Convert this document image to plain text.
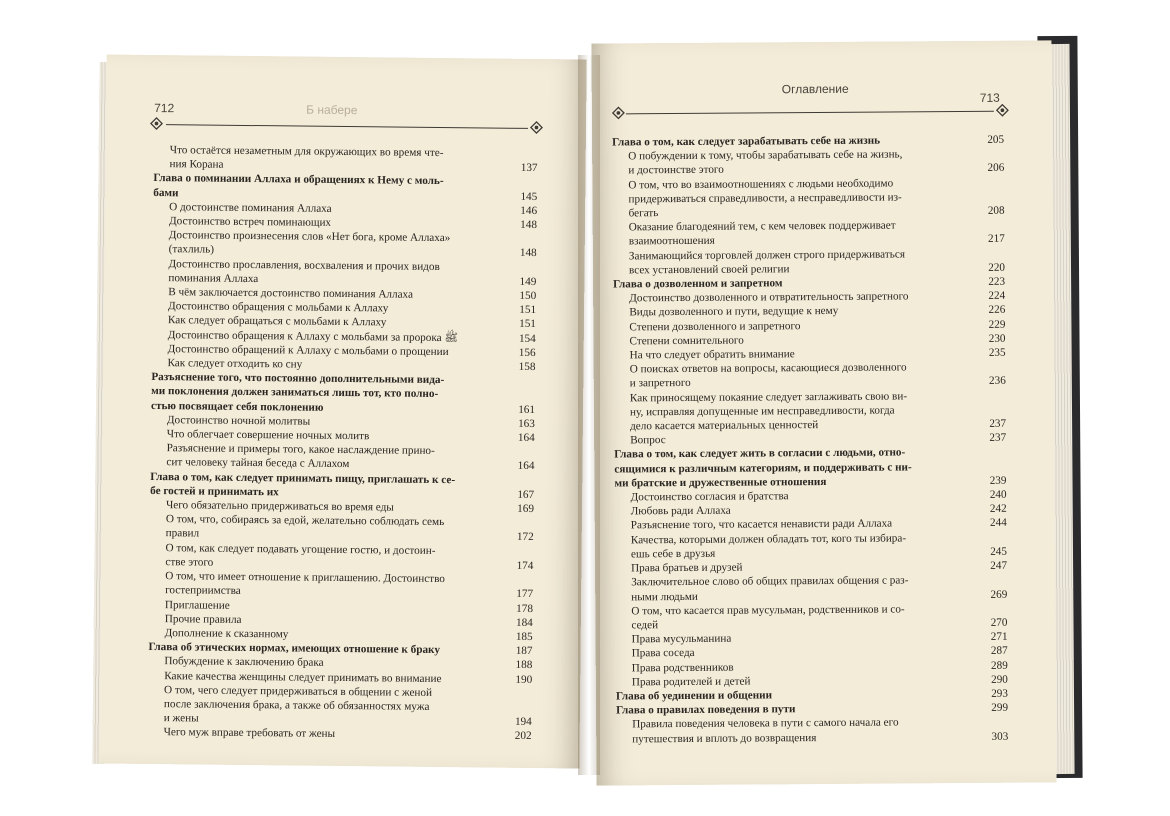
712	Б набере
Что остаётся незаметным для окружающих во время чте-
ния Корана	137
Глава о поминании Аллаха и обращениях к Нему с моль-
бами	145
О достоинстве поминания Аллаха	146
Достоинство встреч поминающих	148
Достоинство произнесения слов «Нет бога, кроме Аллаха»
(тахлиль)	148
Достоинство прославления, восхваления и прочих видов
поминания Аллаха	149
В чём заключается достоинство поминания Аллаха	150
Достоинство обращения с мольбами к Аллаху	151
Как следует обращаться с мольбами к Аллаху	151
Достоинство обращения к Аллаху с мольбами за пророка ﷺ	154
Достоинство обращений к Аллаху с мольбами о прощении	156
Как следует отходить ко сну	158
Разъяснение того, что постоянно дополнительными вида-
ми поклонения должен заниматься лишь тот, кто полно-
стью посвящает себя поклонению	161
Достоинство ночной молитвы	163
Что облегчает совершение ночных молитв	164
Разъяснение и примеры того, какое наслаждение прино-
сит человеку тайная беседа с Аллахом	164
Глава о том, как следует принимать пищу, приглашать к се-
бе гостей и принимать их	167
Чего обязательно придерживаться во время еды	169
О том, что, собираясь за едой, желательно соблюдать семь
правил	172
О том, как следует подавать угощение гостю, и достоин-
стве этого	174
О том, что имеет отношение к приглашению. Достоинство
гостеприимства	177
Приглашение	178
Прочие правила	184
Дополнение к сказанному	185
Глава об этических нормах, имеющих отношение к браку	187
Побуждение к заключению брака	188
Какие качества женщины следует принимать во внимание	190
О том, чего следует придерживаться в общении с женой
после заключения брака, а также об обязанностях мужа
и жены	194
Чего муж вправе требовать от жены	202
Оглавление
713
Глава о том, как следует зарабатывать себе на жизнь	205
О побуждении к тому, чтобы зарабатывать себе на жизнь,
и достоинстве этого	206
О том, что во взаимоотношениях с людьми необходимо
придерживаться справедливости, а несправедливости из-
бегать	208
Оказание благодеяний тем, с кем человек поддерживает
взаимоотношения	217
Занимающийся торговлей должен строго придерживаться
всех установлений своей религии	220
Глава о дозволенном и запретном	223
Достоинство дозволенного и отвратительность запретного	224
Виды дозволенного и пути, ведущие к нему	226
Степени дозволенного и запретного	229
Степени сомнительного	230
На что следует обратить внимание	235
О поисках ответов на вопросы, касающиеся дозволенного
и запретного	236
Как приносящему покаяние следует заглаживать свою ви-
ну, исправляя допущенные им несправедливости, когда
дело касается материальных ценностей	237
Вопрос	237
Глава о том, как следует жить в согласии с людьми, отно-
сящимися к различным категориям, и поддерживать с ни-
ми братские и дружественные отношения	239
Достоинство согласия и братства	240
Любовь ради Аллаха	242
Разъяснение того, что касается ненависти ради Аллаха	244
Качества, которыми должен обладать тот, кого ты избира-
ешь себе в друзья	245
Права братьев и друзей	247
Заключительное слово об общих правилах общения с раз-
ными людьми	269
О том, что касается прав мусульман, родственников и со-
седей	270
Права мусульманина	271
Права соседа	287
Права родственников	289
Права родителей и детей	290
Глава об уединении и общении	293
Глава о правилах поведения в пути	299
Правила поведения человека в пути с самого начала его
путешествия и вплоть до возвращения	303
